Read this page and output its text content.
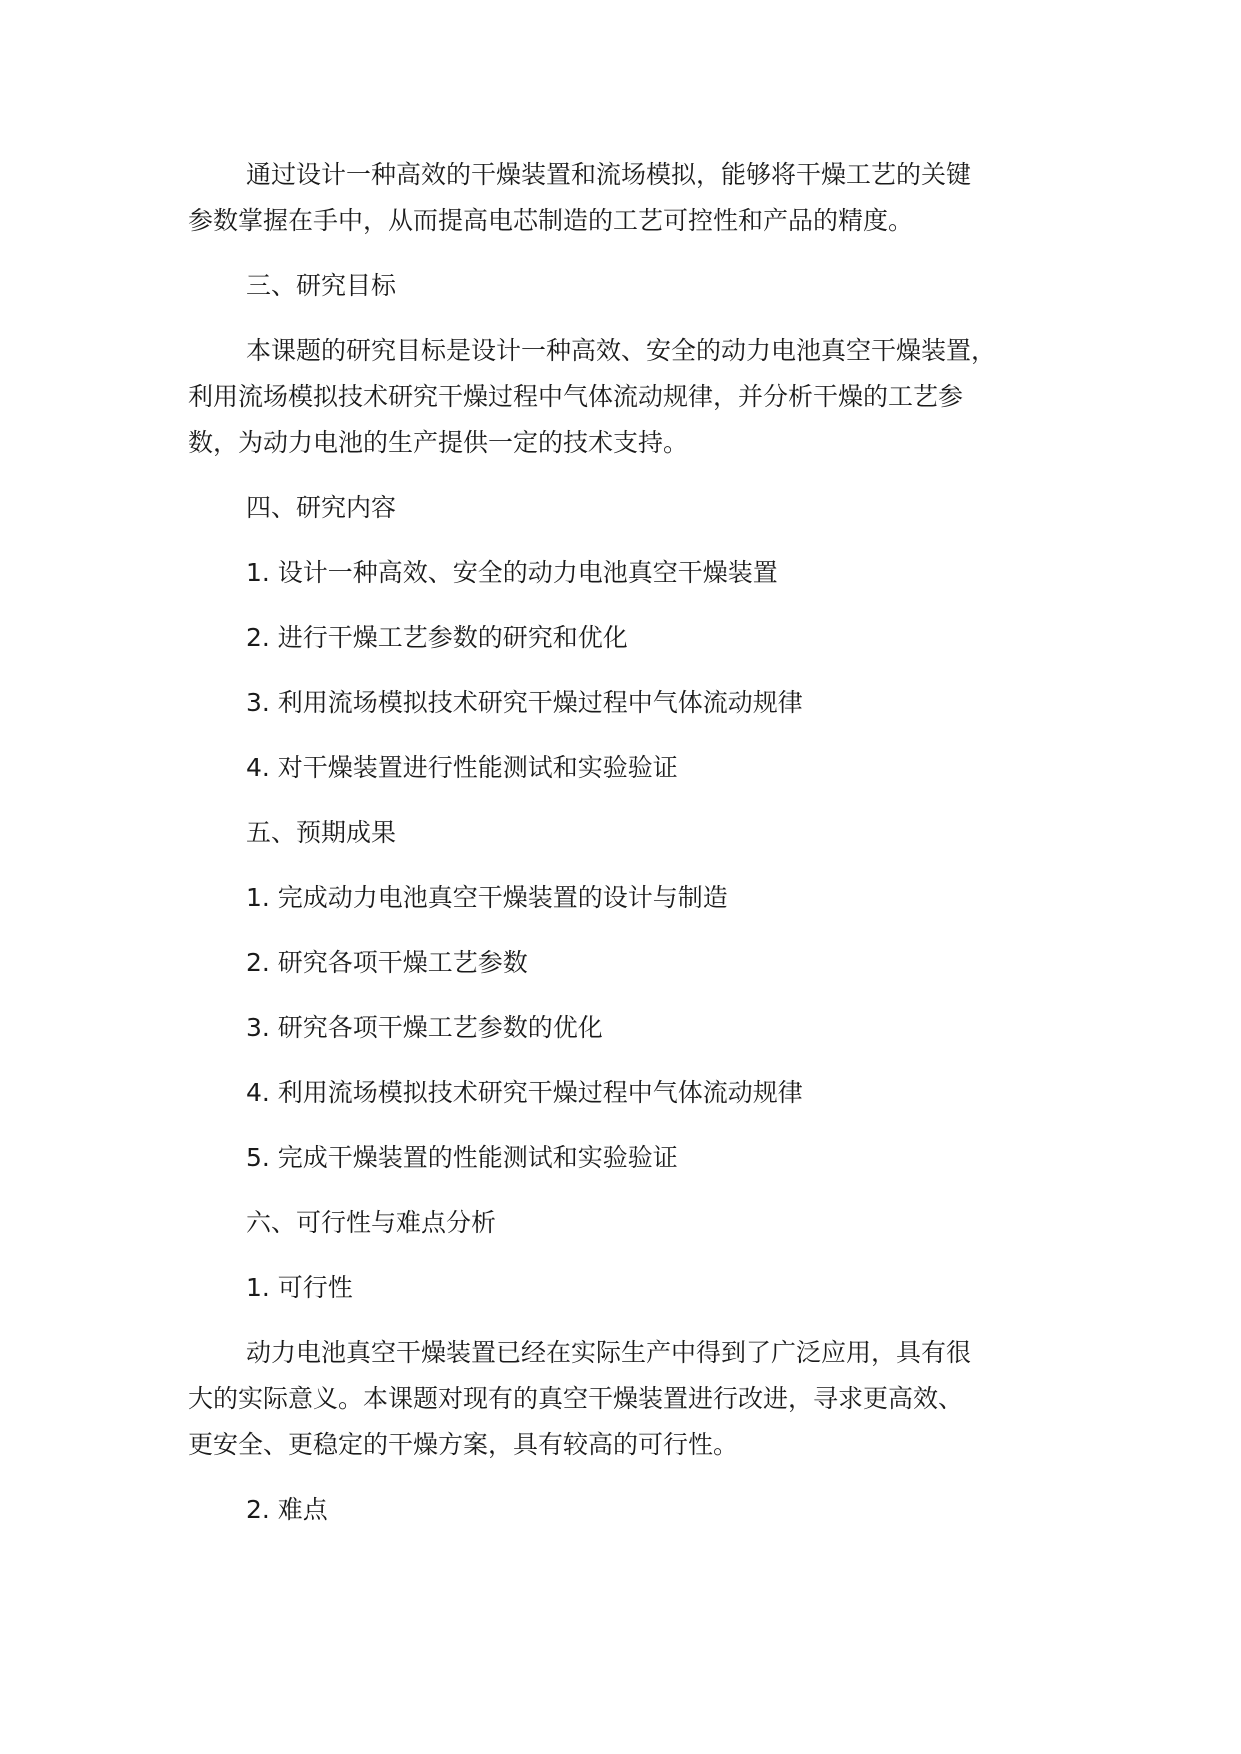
通过设计一种高效的干燥装置和流场模拟，能够将干燥工艺的关键

参数掌握在手中，从而提高电芯制造的工艺可控性和产品的精度。

三、研究目标

本课题的研究目标是设计一种高效、安全的动力电池真空干燥装置，

利用流场模拟技术研究干燥过程中气体流动规律，并分析干燥的工艺参

数，为动力电池的生产提供一定的技术支持。

四、研究内容

1. 设计一种高效、安全的动力电池真空干燥装置

2. 进行干燥工艺参数的研究和优化

3. 利用流场模拟技术研究干燥过程中气体流动规律

4. 对干燥装置进行性能测试和实验验证

五、预期成果

1. 完成动力电池真空干燥装置的设计与制造

2. 研究各项干燥工艺参数

3. 研究各项干燥工艺参数的优化

4. 利用流场模拟技术研究干燥过程中气体流动规律

5. 完成干燥装置的性能测试和实验验证

六、可行性与难点分析

1. 可行性

动力电池真空干燥装置已经在实际生产中得到了广泛应用，具有很

大的实际意义。本课题对现有的真空干燥装置进行改进，寻求更高效、

更安全、更稳定的干燥方案，具有较高的可行性。

2. 难点
